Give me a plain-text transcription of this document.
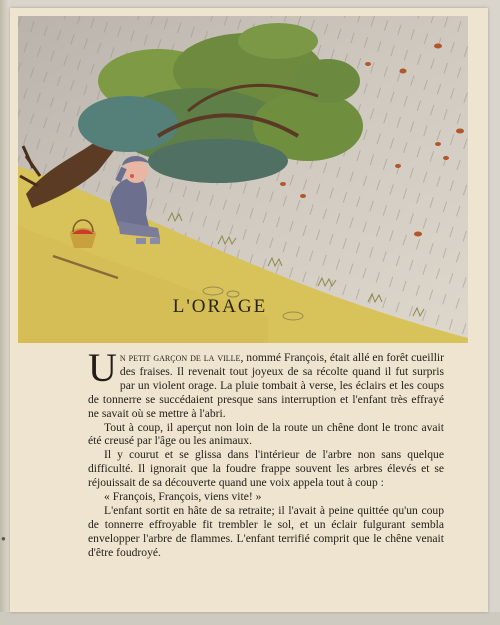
●
L'ORAGE

Un petit garçon de la ville, nommé François, était allé en forêt cueillir des fraises. Il revenait tout joyeux de sa récolte quand il fut surpris par un violent orage. La pluie tombait à verse, les éclairs et les coups de tonnerre se succédaient presque sans interruption et l'enfant très effrayé ne savait où se mettre à l'abri.

Tout à coup, il aperçut non loin de la route un chêne dont le tronc avait été creusé par l'âge ou les animaux.

Il y courut et se glissa dans l'intérieur de l'arbre non sans quelque difficulté. Il ignorait que la foudre frappe souvent les arbres élevés et se réjouissait de sa découverte quand une voix appela tout à coup :

« François, François, viens vite! »

L'enfant sortit en hâte de sa retraite; il l'avait à peine quittée qu'un coup de tonnerre effroyable fit trembler le sol, et un éclair fulgurant sembla envelopper l'arbre de flammes. L'enfant terrifié comprit que le chêne venait d'être foudroyé.
